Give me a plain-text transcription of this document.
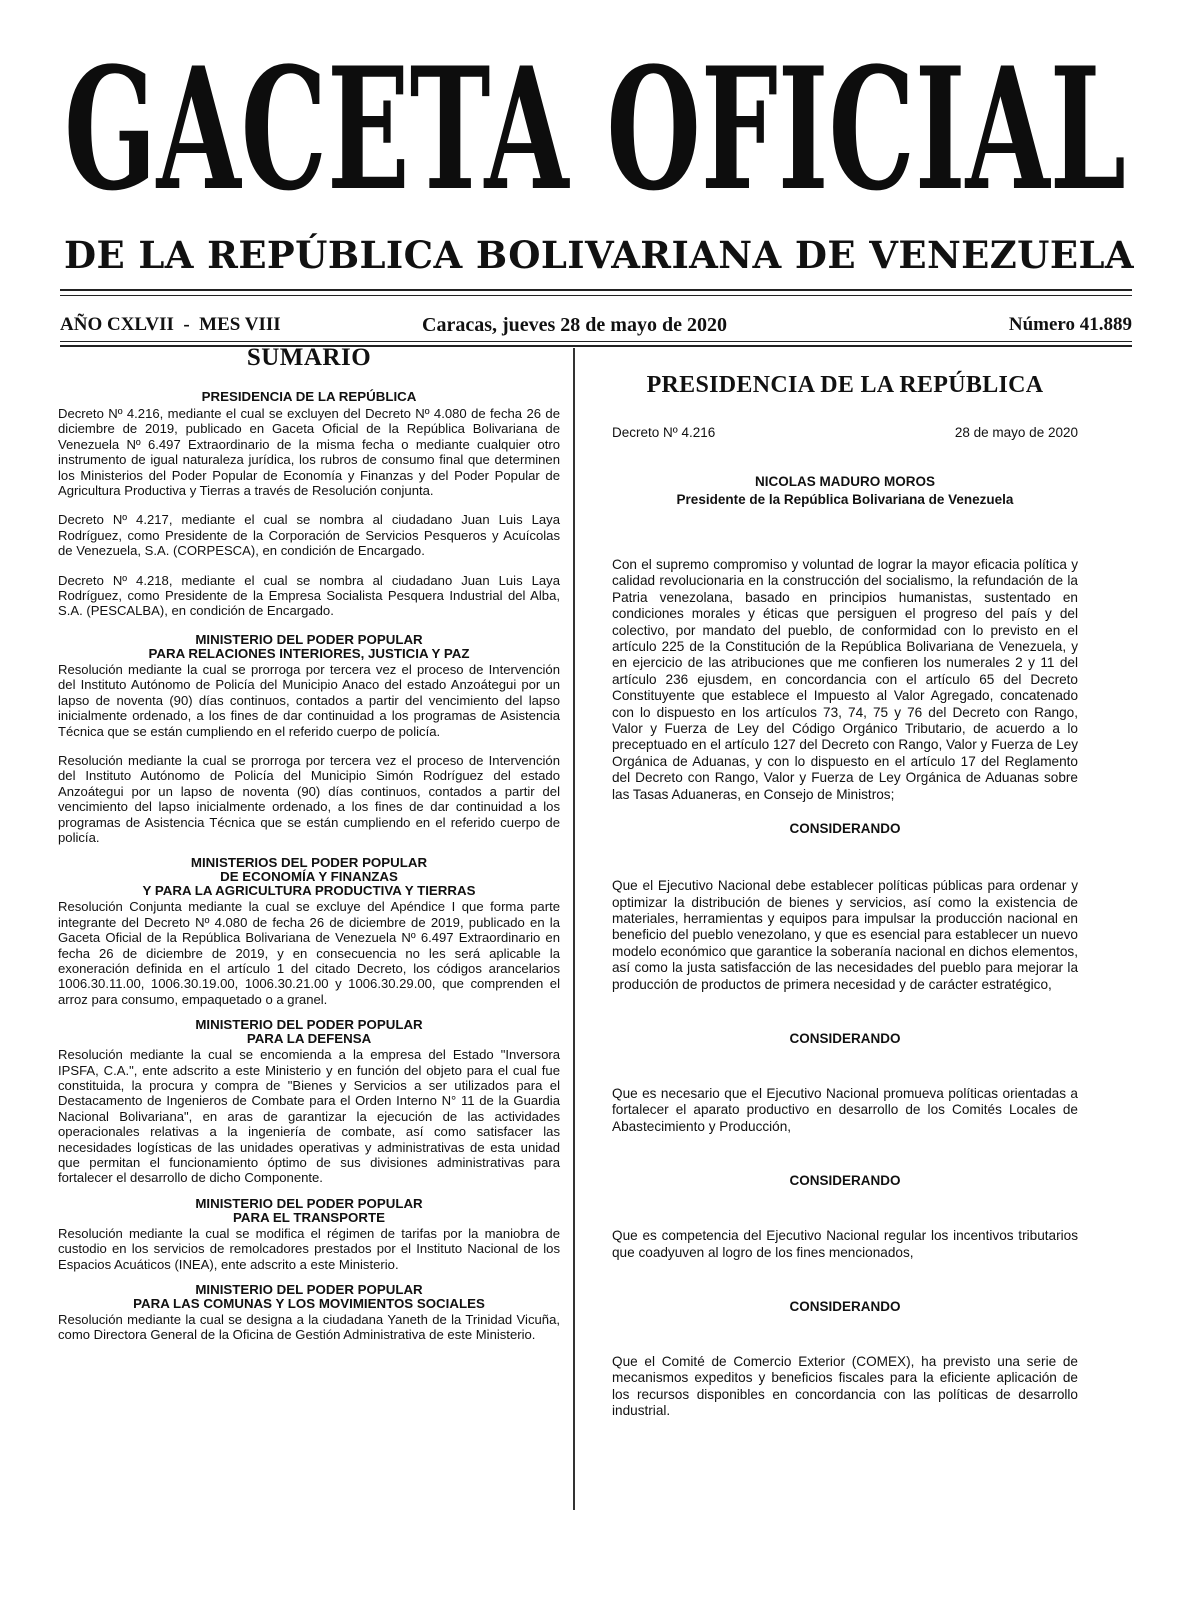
GACETA OFICIAL
DE LA REPÚBLICA BOLIVARIANA DE VENEZUELA
AÑO CXLVII  -  MES VIII	Caracas, jueves 28 de mayo de 2020	Número 41.889
SUMARIO
PRESIDENCIA DE LA REPÚBLICA

Decreto Nº 4.216, mediante el cual se excluyen del Decreto Nº 4.080 de fecha 26 de diciembre de 2019, publicado en Gaceta Oficial de la República Bolivariana de Venezuela Nº 6.497 Extraordinario de la misma fecha o mediante cualquier otro instrumento de igual naturaleza jurídica, los rubros de consumo final que determinen los Ministerios del Poder Popular de Economía y Finanzas y del Poder Popular de Agricultura Productiva y Tierras a través de Resolución conjunta.

Decreto Nº 4.217, mediante el cual se nombra al ciudadano Juan Luis Laya Rodríguez, como Presidente de la Corporación de Servicios Pesqueros y Acuícolas de Venezuela, S.A. (CORPESCA), en condición de Encargado.

Decreto Nº 4.218, mediante el cual se nombra al ciudadano Juan Luis Laya Rodríguez, como Presidente de la Empresa Socialista Pesquera Industrial del Alba, S.A. (PESCALBA), en condición de Encargado.

MINISTERIO DEL PODER POPULAR
PARA RELACIONES INTERIORES, JUSTICIA Y PAZ

Resolución mediante la cual se prorroga por tercera vez el proceso de Intervención del Instituto Autónomo de Policía del Municipio Anaco del estado Anzoátegui por un lapso de noventa (90) días continuos, contados a partir del vencimiento del lapso inicialmente ordenado, a los fines de dar continuidad a los programas de Asistencia Técnica que se están cumpliendo en el referido cuerpo de policía.

Resolución mediante la cual se prorroga por tercera vez el proceso de Intervención del Instituto Autónomo de Policía del Municipio Simón Rodríguez del estado Anzoátegui por un lapso de noventa (90) días continuos, contados a partir del vencimiento del lapso inicialmente ordenado, a los fines de dar continuidad a los programas de Asistencia Técnica que se están cumpliendo en el referido cuerpo de policía.

MINISTERIOS DEL PODER POPULAR
DE ECONOMÍA Y FINANZAS
Y PARA LA AGRICULTURA PRODUCTIVA Y TIERRAS

Resolución Conjunta mediante la cual se excluye del Apéndice I que forma parte integrante del Decreto Nº 4.080 de fecha 26 de diciembre de 2019, publicado en la Gaceta Oficial de la República Bolivariana de Venezuela Nº 6.497 Extraordinario en fecha 26 de diciembre de 2019, y en consecuencia no les será aplicable la exoneración definida en el artículo 1 del citado Decreto, los códigos arancelarios 1006.30.11.00, 1006.30.19.00, 1006.30.21.00 y 1006.30.29.00, que comprenden el arroz para consumo, empaquetado o a granel.

MINISTERIO DEL PODER POPULAR
PARA LA DEFENSA

Resolución mediante la cual se encomienda a la empresa del Estado "Inversora IPSFA, C.A.", ente adscrito a este Ministerio y en función del objeto para el cual fue constituida, la procura y compra de "Bienes y Servicios a ser utilizados para el Destacamento de Ingenieros de Combate para el Orden Interno N° 11 de la Guardia Nacional Bolivariana", en aras de garantizar la ejecución de las actividades operacionales relativas a la ingeniería de combate, así como satisfacer las necesidades logísticas de las unidades operativas y administrativas de esta unidad que permitan el funcionamiento óptimo de sus divisiones administrativas para fortalecer el desarrollo de dicho Componente.

MINISTERIO DEL PODER POPULAR
PARA EL TRANSPORTE

Resolución mediante la cual se modifica el régimen de tarifas por la maniobra de custodio en los servicios de remolcadores prestados por el Instituto Nacional de los Espacios Acuáticos (INEA), ente adscrito a este Ministerio.

MINISTERIO DEL PODER POPULAR
PARA LAS COMUNAS Y LOS MOVIMIENTOS SOCIALES

Resolución mediante la cual se designa a la ciudadana Yaneth de la Trinidad Vicuña, como Directora General de la Oficina de Gestión Administrativa de este Ministerio.

PRESIDENCIA DE LA REPÚBLICA
Decreto Nº 4.216	28 de mayo de 2020
NICOLAS MADURO MOROS
Presidente de la República Bolivariana de Venezuela

Con el supremo compromiso y voluntad de lograr la mayor eficacia política y calidad revolucionaria en la construcción del socialismo, la refundación de la Patria venezolana, basado en principios humanistas, sustentado en condiciones morales y éticas que persiguen el progreso del país y del colectivo, por mandato del pueblo, de conformidad con lo previsto en el artículo 225 de la Constitución de la República Bolivariana de Venezuela, y en ejercicio de las atribuciones que me confieren los numerales 2 y 11 del artículo 236 ejusdem, en concordancia con el artículo 65 del Decreto Constituyente que establece el Impuesto al Valor Agregado, concatenado con lo dispuesto en los artículos 73, 74, 75 y 76 del Decreto con Rango, Valor y Fuerza de Ley del Código Orgánico Tributario, de acuerdo a lo preceptuado en el artículo 127 del Decreto con Rango, Valor y Fuerza de Ley Orgánica de Aduanas, y con lo dispuesto en el artículo 17 del Reglamento del Decreto con Rango, Valor y Fuerza de Ley Orgánica de Aduanas sobre las Tasas Aduaneras, en Consejo de Ministros;

CONSIDERANDO

Que el Ejecutivo Nacional debe establecer políticas públicas para ordenar y optimizar la distribución de bienes y servicios, así como la existencia de materiales, herramientas y equipos para impulsar la producción nacional en beneficio del pueblo venezolano, y que es esencial para establecer un nuevo modelo económico que garantice la soberanía nacional en dichos elementos, así como la justa satisfacción de las necesidades del pueblo para mejorar la producción de productos de primera necesidad y de carácter estratégico,

CONSIDERANDO

Que es necesario que el Ejecutivo Nacional promueva políticas orientadas a fortalecer el aparato productivo en desarrollo de los Comités Locales de Abastecimiento y Producción,

CONSIDERANDO

Que es competencia del Ejecutivo Nacional regular los incentivos tributarios que coadyuven al logro de los fines mencionados,

CONSIDERANDO

Que el Comité de Comercio Exterior (COMEX), ha previsto una serie de mecanismos expeditos y beneficios fiscales para la eficiente aplicación de los recursos disponibles en concordancia con las políticas de desarrollo industrial.
